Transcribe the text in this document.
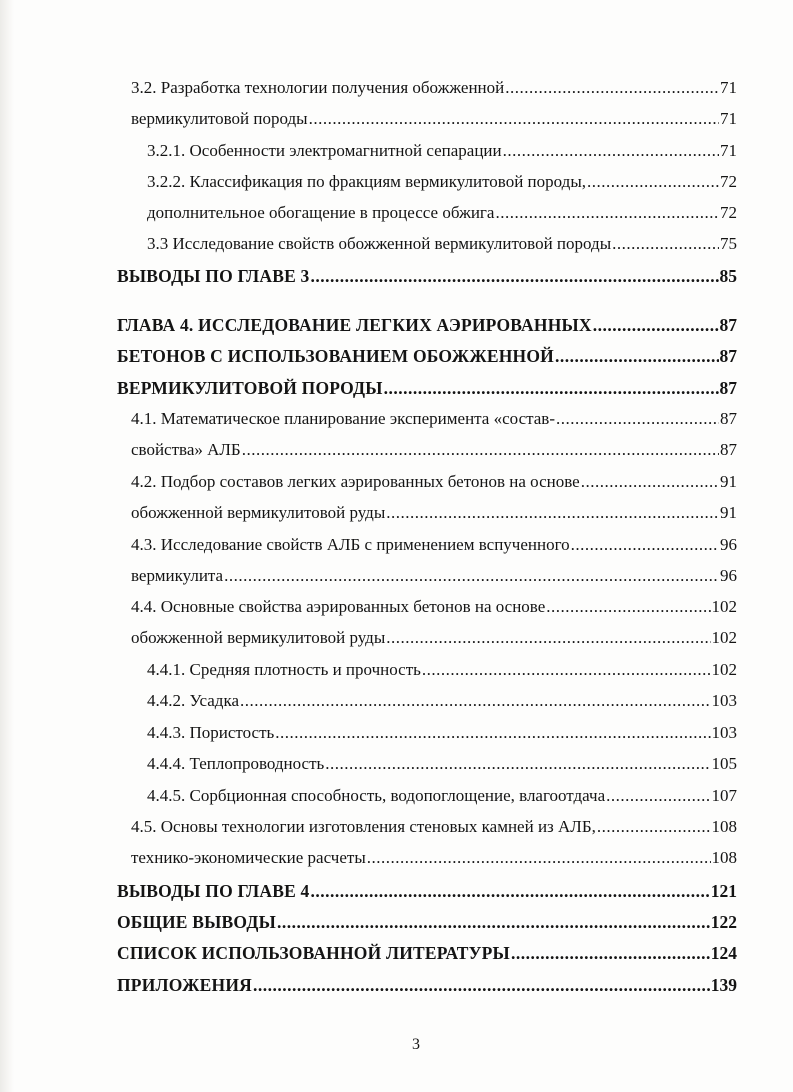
3.2. Разработка технологии получения обожженной .....	71
вермикулитовой породы .....	71
3.2.1. Особенности электромагнитной сепарации .....	71
3.2.2. Классификация по фракциям вермикулитовой породы, .....	72
дополнительное обогащение в процессе обжига .....	72
3.3 Исследование свойств обожженной вермикулитовой породы .....	75
ВЫВОДЫ ПО ГЛАВЕ 3 .....	85
ГЛАВА 4. ИССЛЕДОВАНИЕ ЛЕГКИХ АЭРИРОВАННЫХ .....	87
БЕТОНОВ С ИСПОЛЬЗОВАНИЕМ ОБОЖЖЕННОЙ .....	87
ВЕРМИКУЛИТОВОЙ ПОРОДЫ .....	87
4.1. Математическое планирование эксперимента «состав- .....	87
свойства» АЛБ .....	87
4.2. Подбор составов легких аэрированных бетонов на основе .....	91
обожженной вермикулитовой руды .....	91
4.3. Исследование свойств АЛБ с применением вспученного .....	96
вермикулита .....	96
4.4. Основные свойства аэрированных бетонов на основе .....	102
обожженной вермикулитовой руды .....	102
4.4.1. Средняя плотность и прочность .....	102
4.4.2. Усадка .....	103
4.4.3. Пористость .....	103
4.4.4. Теплопроводность .....	105
4.4.5. Сорбционная способность, водопоглощение, влагоотдача .....	107
4.5. Основы технологии изготовления стеновых камней из АЛБ, .....	108
технико-экономические расчеты .....	108
ВЫВОДЫ ПО ГЛАВЕ 4 .....	121
ОБЩИЕ ВЫВОДЫ .....	122
СПИСОК ИСПОЛЬЗОВАННОЙ ЛИТЕРАТУРЫ .....	124
ПРИЛОЖЕНИЯ .....	139
3
